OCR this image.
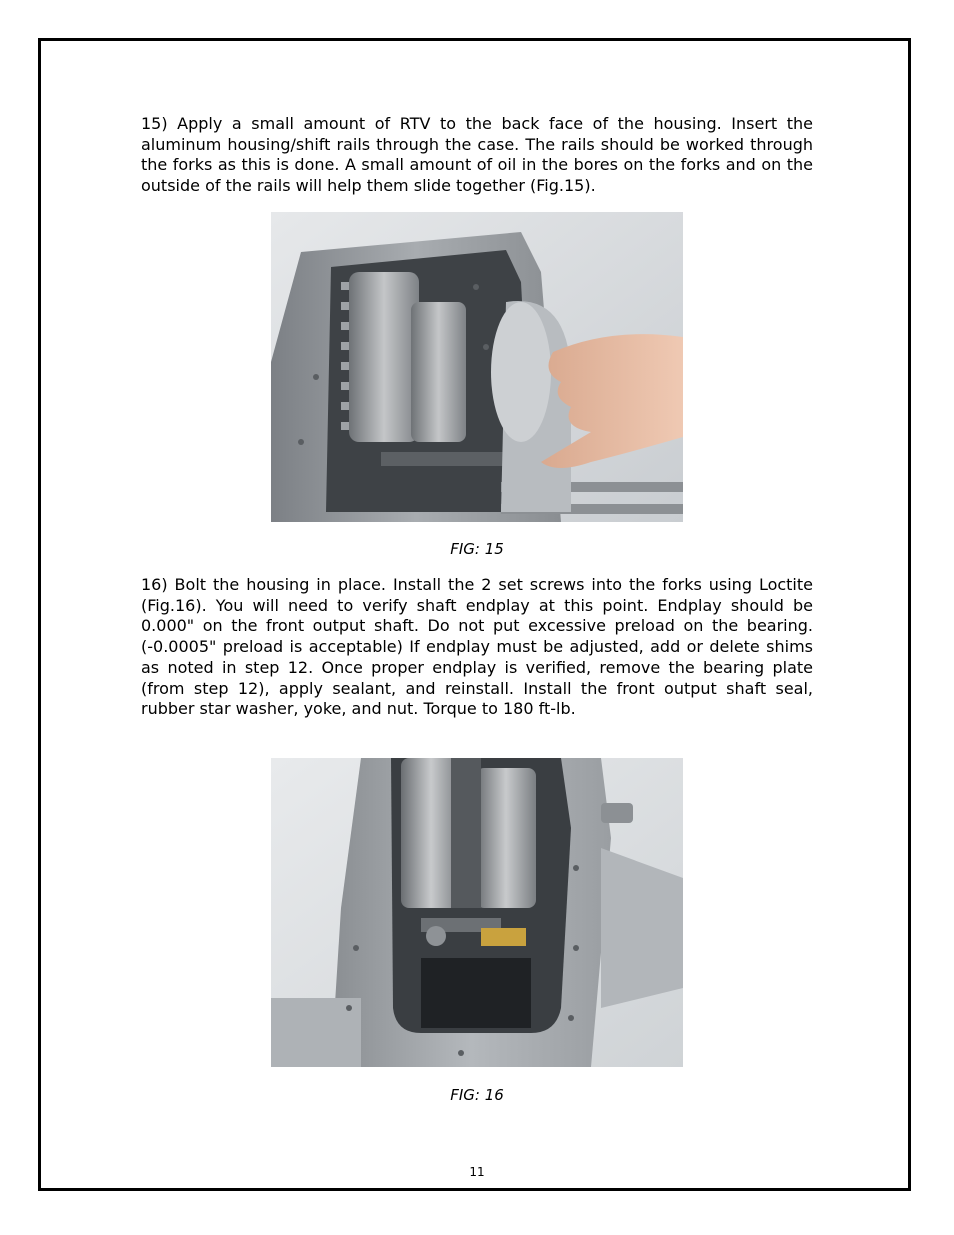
15) Apply a small amount of RTV to the back face of the housing. Insert the aluminum housing/shift rails through the case. The rails should be worked through the forks as this is done. A small amount of oil in the bores on the forks and on the outside of the rails will help them slide together (Fig.15).

FIG: 15

16) Bolt the housing in place. Install the 2 set screws into the forks using Loctite (Fig.16). You will need to verify shaft endplay at this point. Endplay should be 0.000" on the front output shaft. Do not put excessive preload on the bearing. (-0.0005" preload is acceptable) If endplay must be adjusted, add or delete shims as noted in step 12. Once proper endplay is verified, remove the bearing plate (from step 12), apply sealant, and reinstall. Install the front output shaft seal, rubber star washer, yoke, and nut. Torque to 180 ft-lb.

FIG: 16

11
